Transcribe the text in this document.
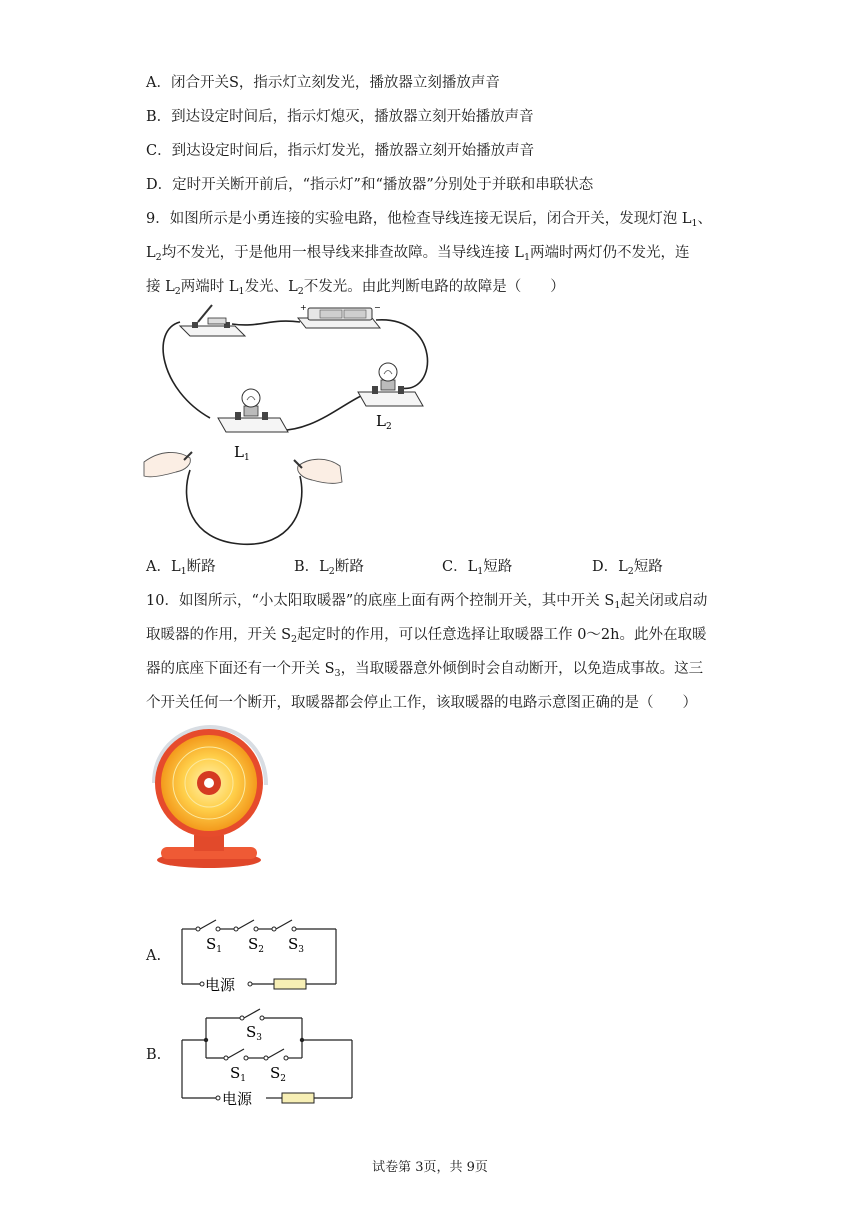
A．闭合开关S，指示灯立刻发光，播放器立刻播放声音
B．到达设定时间后，指示灯熄灭，播放器立刻开始播放声音
C．到达设定时间后，指示灯发光，播放器立刻开始播放声音
D．定时开关断开前后，“指示灯”和“播放器”分别处于并联和串联状态
9．如图所示是小勇连接的实验电路，他检查导线连接无误后，闭合开关，发现灯泡 $L_1$、
$L_2$均不发光，于是他用一根导线来排查故障。当导线连接 $L_1$两端时两灯仍不发光，连
接 $L_2$两端时 $L_1$发光、$L_2$不发光。由此判断电路的故障是（　　）
+	−
$L_1$
$L_2$
A．$L_1$断路	B．$L_2$断路	C．$L_1$短路	D．$L_2$短路
10．如图所示，“小太阳取暖器”的底座上面有两个控制开关，其中开关 $S_1$起关闭或启动
取暖器的作用，开关 $S_2$起定时的作用，可以任意选择让取暖器工作 0～2h。此外在取暖
器的底座下面还有一个开关 $S_3$，当取暖器意外倾倒时会自动断开，以免造成事故。这三
个开关任何一个断开，取暖器都会停止工作，该取暖器的电路示意图正确的是（　　）
A.
$S_1$ $S_2$ $S_3$
电源
B.
$S_3$
$S_1$ $S_2$
电源
试卷第 3页，共 9页
